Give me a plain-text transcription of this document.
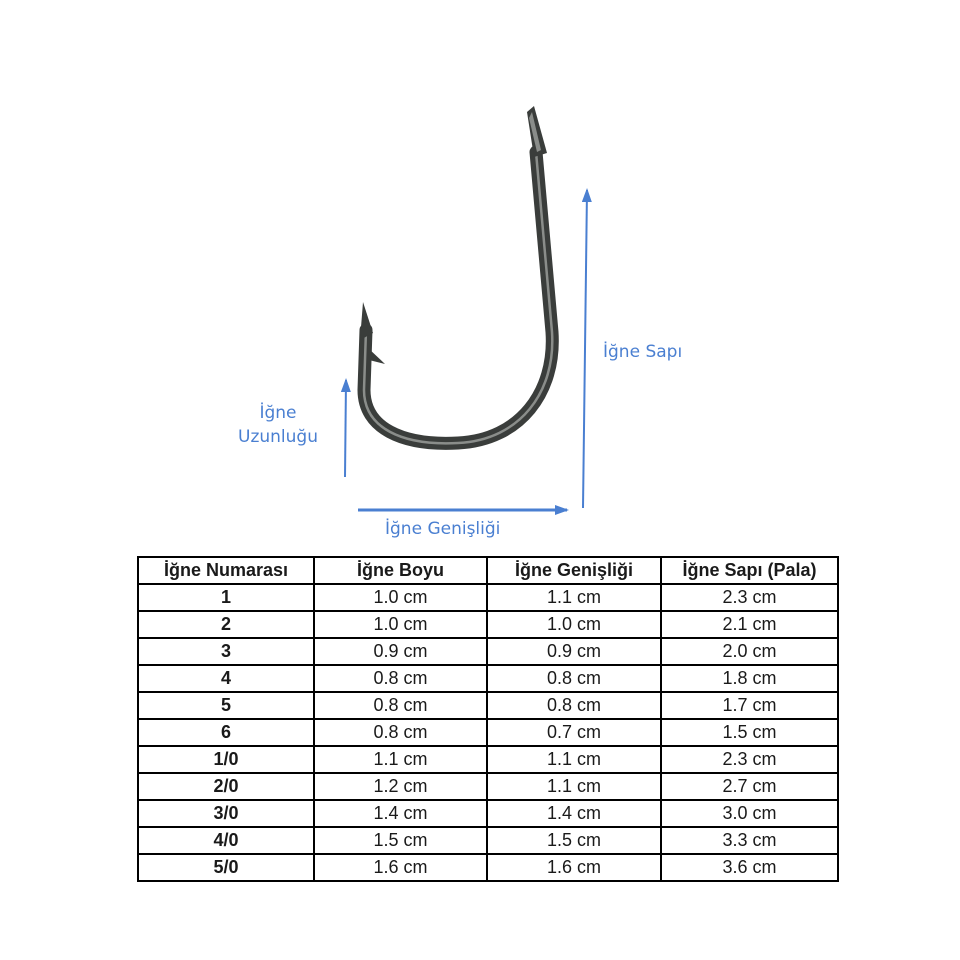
İğne Sapı
İğne
Uzunluğu
İğne Genişliği
İğne Numarası	İğne Boyu	İğne Genişliği	İğne Sapı (Pala)
1	1.0 cm	1.1 cm	2.3 cm
2	1.0 cm	1.0 cm	2.1 cm
3	0.9 cm	0.9 cm	2.0 cm
4	0.8 cm	0.8 cm	1.8 cm
5	0.8 cm	0.8 cm	1.7 cm
6	0.8 cm	0.7 cm	1.5 cm
1/0	1.1 cm	1.1 cm	2.3 cm
2/0	1.2 cm	1.1 cm	2.7 cm
3/0	1.4 cm	1.4 cm	3.0 cm
4/0	1.5 cm	1.5 cm	3.3 cm
5/0	1.6 cm	1.6 cm	3.6 cm
